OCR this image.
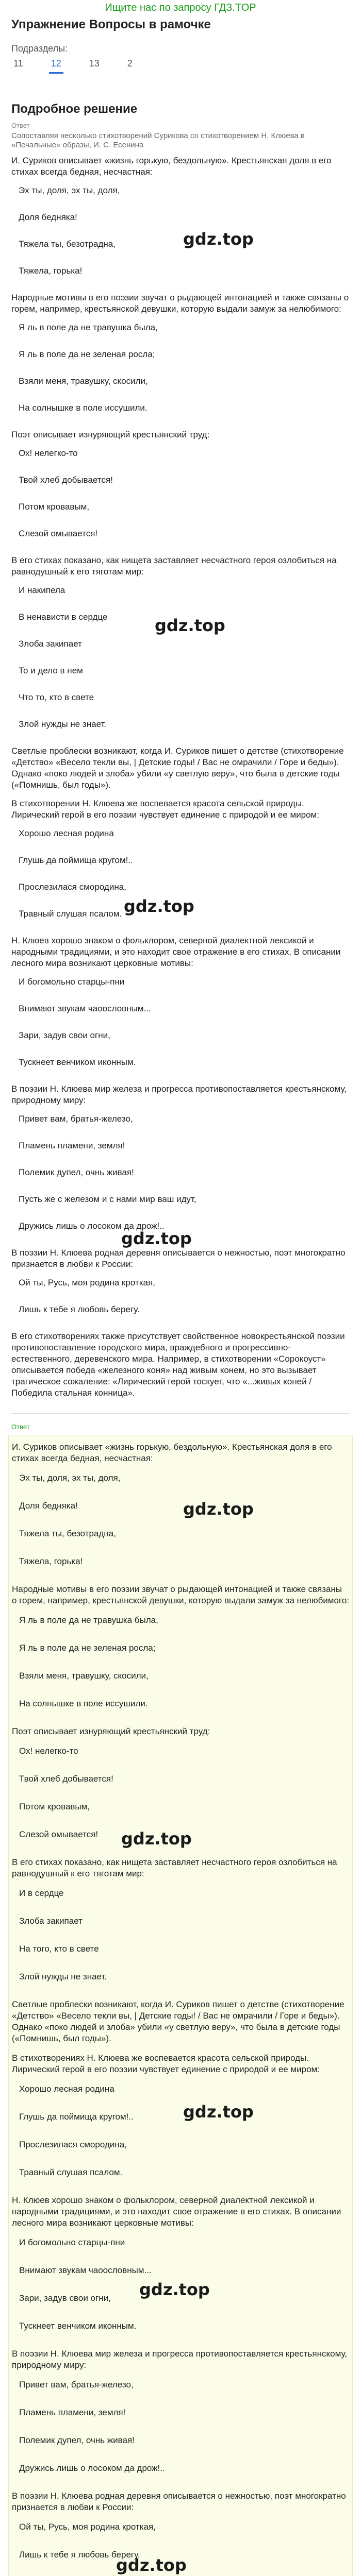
Ищите нас по запросу ГДЗ.TOP
Упражнение Вопросы в рамочке
Подразделы:
11	12	13	2
Подробное решение
Ответ
Сопоставляя несколько стихотворений Сурикова со стихотворением Н. Клюева в «Печальные» образы, И. С. Есенина
И. Суриков описывает «жизнь горькую, бездольную». Крестьянская доля в его стихах всегда бедная, несчастная:
Эх ты, доля, эх ты, доля,
Доля бедняка!
Тяжела ты, безотрадна,
Тяжела, горька!
Народные мотивы в его поэзии звучат о рыдающей интонацией и также связаны о горем, напримеp, крестьянской девушки, которую выдали замуж за нелюбимого:
Я ль в поле да не травушка была,
Я ль в поле да не зеленая росла;
Взяли меня, травушку, скосили,
На солнышке в поле иссушили.
Поэт описывает изнуряющий крестьянский труд:
Ох! нелегко-то
Твой хлеб добывается!
Потом кровавым,
Слезой омывается!
В его стихах показано, как нищета заставляет несчастного героя озлобиться на равнодушный к его тяготам мир:
И накипела
В ненависти в сердце
Злоба закипает
То и дело в нем
Что то, кто в свете
Злой нужды не знает.
Светлые проблески возникают, когда И. Суриков пишет о детстве (стихотворение «Детство» «Весело текли вы, | Детские годы! / Вас не омрачили / Горе и беды»). Однако «поко людей и злоба» убили «у светлую веру», что была в детские годы («Помнишь, был годы»).
В стихотворении Н. Клюева же воспевается красота сельской природы. Лирический герой в его поэзии чувствует единение с природой и ее миром:
Хорошо лесная родина
Глушь да поймища кругом!..
Прослезилася смородина,
Травный слушая псалом.
Н. Клюев хорошо знаком о фольклором, северной диалектной лексикой и народными традициями, и это находит свое отражение в его стихах. В описании лесного мира возникают церковные мотивы:
И богомольно старцы-пни
Внимают звукам чаоословным...
Зари, задув свои огни,
Тускнеет венчиком иконным.
В поэзии Н. Клюева мир железа и прогресса противопоставляется крестьянскому, природному миру:
Привет вам, братья-железо,
Пламень пламени, земля!
Полемик дупел, очнь живая!
Пусть же с железом и с нами мир ваш идут,
Дружись лишь о лосоком да дрож!..
В поэзии Н. Клюева родная деревня описывается о нежностью, поэт многократно признается в любви к России:
Ой ты, Русь, моя родина кроткая,
Лишь к тебе я любовь берегу.
В его стихотворениях также присутствует свойственное новокрестьянской поэзии противопоставление городского мира, враждебного и прогрессивно-естественного, деревенского мира. Например, в стихотворении «Сорокоуст» описывается победа «железного коня» над живым конем, но это вызывает трагическое сожаление: «Лирический герой тоскует, что «...живых коней / Победила стальная конница».
Ответ
И. Суриков описывает «жизнь горькую, бездольную». Крестьянская доля в его стихах всегда бедная, несчастная:
Эх ты, доля, эх ты, доля,
Доля бедняка!
Тяжела ты, безотрадна,
Тяжела, горька!
Народные мотивы в его поэзии звучат о рыдающей интонацией и также связаны о горем, например, крестьянской девушки, которую выдали замуж за нелюбимого:
Я ль в поле да не травушка была,
Я ль в поле да не зеленая росла;
Взяли меня, травушку, скосили,
На солнышке в поле иссушили.
Поэт описывает изнуряющий крестьянский труд:
Ох! нелегко-то
Твой хлеб добывается!
Потом кровавым,
Слезой омывается!
В его стихах показано, как нищета заставляет несчастного героя озлобиться на равнодушный к его тяготам мир:
И в сердце
Злоба закипает
На того, кто в свете
Злой нужды не знает.
Светлые проблески возникают, когда И. Суриков пишет о детстве (стихотворение «Детство» «Весело текли вы, | Детские годы! / Вас не омрачили / Горе и беды»). Однако «поко людей и злоба» убили «у светлую веру», что была в детские годы («Помнишь, был годы»).
В стихотворениях Н. Клюева же воспевается красота сельской природы. Лирический герой в его поэзии чувствует единение с природой и ее миром:
Хорошо лесная родина
Глушь да поймища кругом!..
Прослезилася смородина,
Травный слушая псалом.
Н. Клюев хорошо знаком о фольклором, северной диалектной лексикой и народными традициями, и это находит свое отражение в его стихах. В описании лесного мира возникают церковные мотивы:
И богомольно старцы-пни
Внимают звукам чаоословным...
Зари, задув свои огни,
Тускнеет венчиком иконным.
В поэзии Н. Клюева мир железа и прогресса противопоставляется крестьянскому, природному миру:
Привет вам, братья-железо,
Пламень пламени, земля!
Полемик дупел, очнь живая!
Дружись лишь о лосоком да дрож!..
В поэзии Н. Клюева родная деревня описывается о нежностью, поэт многократно признается в любви к России:
Ой ты, Русь, моя родина кроткая,
Лишь к тебе я любовь берегу.
gdz.top
gdz.top
gdz.top
gdz.top
gdz.top
gdz.top
gdz.top
gdz.top
gdz.top
